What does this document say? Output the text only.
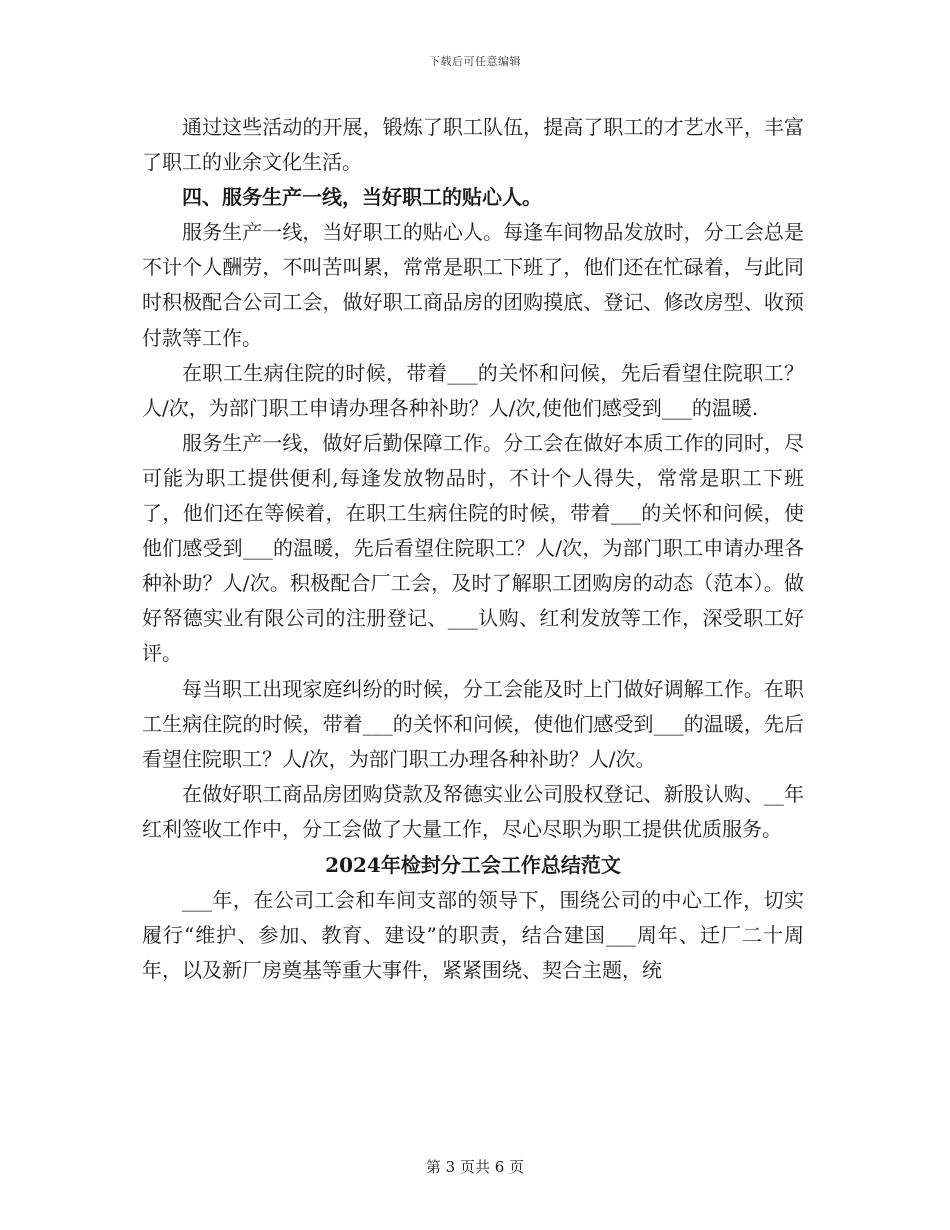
下载后可任意编辑

通过这些活动的开展，锻炼了职工队伍，提高了职工的才艺水平，丰富了职工的业余文化生活。

四、服务生产一线，当好职工的贴心人。

服务生产一线，当好职工的贴心人。每逢车间物品发放时，分工会总是不计个人酬劳，不叫苦叫累，常常是职工下班了，他们还在忙碌着，与此同时积极配合公司工会，做好职工商品房的团购摸底、登记、修改房型、收预付款等工作。

在职工生病住院的时候，带着___的关怀和问候，先后看望住院职工？人/次，为部门职工申请办理各种补助？人/次,使他们感受到___的温暖.

服务生产一线，做好后勤保障工作。分工会在做好本质工作的同时，尽可能为职工提供便利,每逢发放物品时，不计个人得失，常常是职工下班了，他们还在等候着，在职工生病住院的时候，带着___的关怀和问候，使他们感受到___的温暖，先后看望住院职工？人/次，为部门职工申请办理各种补助？人/次。积极配合厂工会，及时了解职工团购房的动态（范本）。做好帑德实业有限公司的注册登记、___认购、红利发放等工作，深受职工好评。

每当职工出现家庭纠纷的时候，分工会能及时上门做好调解工作。在职工生病住院的时候，带着___的关怀和问候，使他们感受到___的温暖，先后看望住院职工？人/次，为部门职工办理各种补助？人/次。

在做好职工商品房团购贷款及帑德实业公司股权登记、新股认购、__年红利签收工作中，分工会做了大量工作，尽心尽职为职工提供优质服务。

2024年检封分工会工作总结范文

___年，在公司工会和车间支部的领导下，围绕公司的中心工作，切实履行“维护、参加、教育、建设”的职责，结合建国___周年、迁厂二十周年，以及新厂房奠基等重大事件，紧紧围绕、契合主题，统

第 3 页共 6 页
